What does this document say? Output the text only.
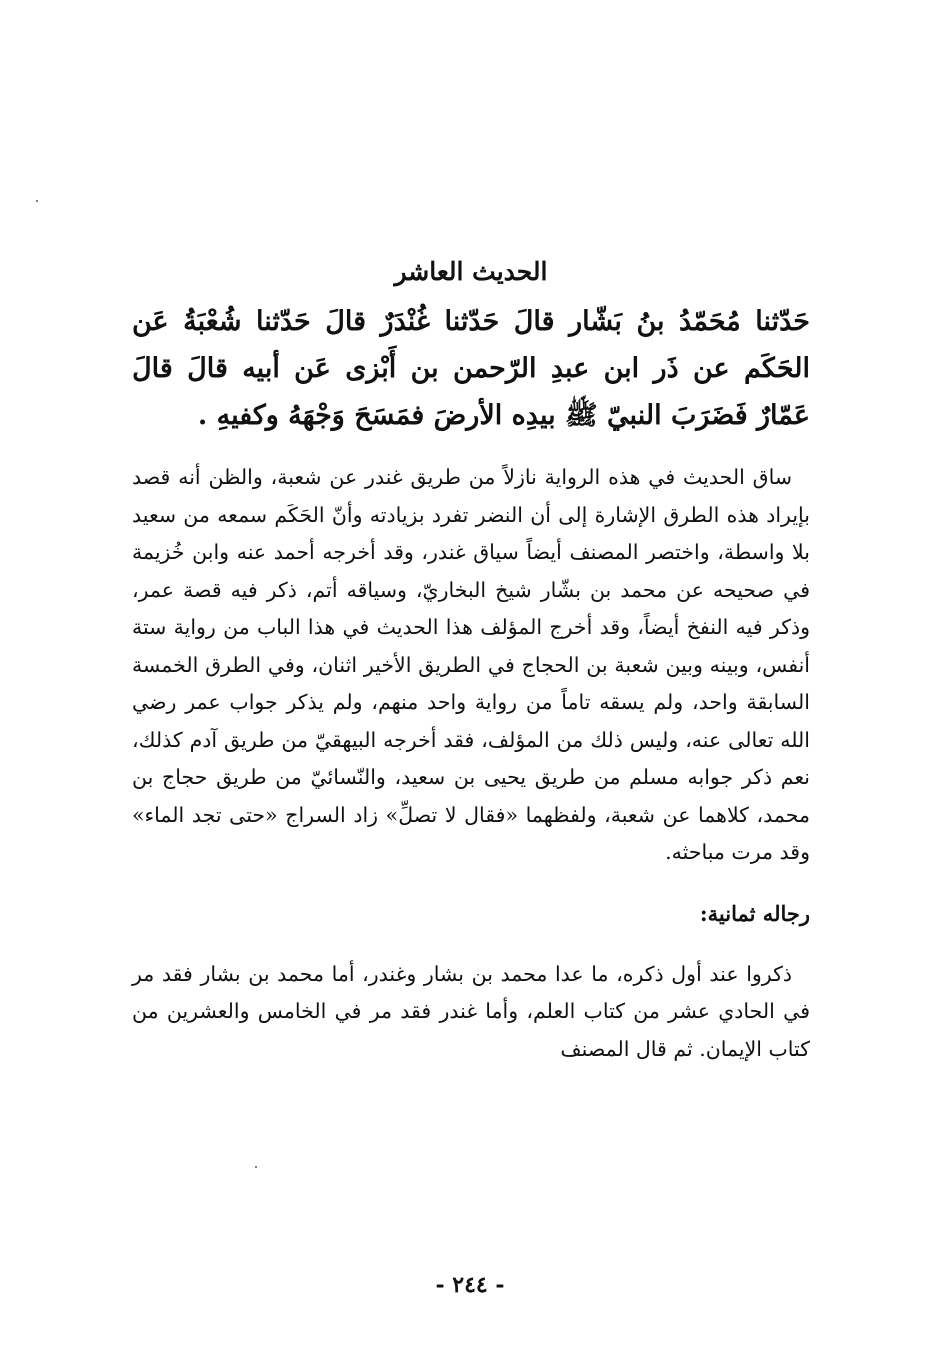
الحديث العاشر

حَدّثنا مُحَمّدُ بنُ بَشّار قالَ حَدّثنا غُنْدَرٌ قالَ حَدّثنا شُعْبَةُ عَن الحَكَم عن ذَر ابن عبدِ الرّحمن بن أَبْزى عَن أبيه قالَ قالَ عَمّارٌ فَضَرَبَ النبيّ ﷺ بيدِه الأرضَ فمَسَحَ وَجْهَهُ وكفيهِ .

ساق الحديث في هذه الرواية نازلاً من طريق غندر عن شعبة، والظن أنه قصد بإيراد هذه الطرق الإشارة إلى أن النضر تفرد بزيادته وأنّ الحَكَم سمعه من سعيد بلا واسطة، واختصر المصنف أيضاً سياق غندر، وقد أخرجه أحمد عنه وابن خُزيمة في صحيحه عن محمد بن بشّار شيخ البخاريّ، وسياقه أتم، ذكر فيه قصة عمر، وذكر فيه النفخ أيضاً، وقد أخرج المؤلف هذا الحديث في هذا الباب من رواية ستة أنفس، وبينه وبين شعبة بن الحجاج في الطريق الأخير اثنان، وفي الطرق الخمسة السابقة واحد، ولم يسقه تاماً من رواية واحد منهم، ولم يذكر جواب عمر رضي الله تعالى عنه، وليس ذلك من المؤلف، فقد أخرجه البيهقيّ من طريق آدم كذلك، نعم ذكر جوابه مسلم من طريق يحيى بن سعيد، والنّسائيّ من طريق حجاج بن محمد، كلاهما عن شعبة، ولفظهما «فقال لا تصلِّ» زاد السراج «حتى تجد الماء» وقد مرت مباحثه.

رجاله ثمانية:

ذكروا عند أول ذكره، ما عدا محمد بن بشار وغندر، أما محمد بن بشار فقد مر في الحادي عشر من كتاب العلم، وأما غندر فقد مر في الخامس والعشرين من كتاب الإيمان. ثم قال المصنف

- ٢٤٤ -
